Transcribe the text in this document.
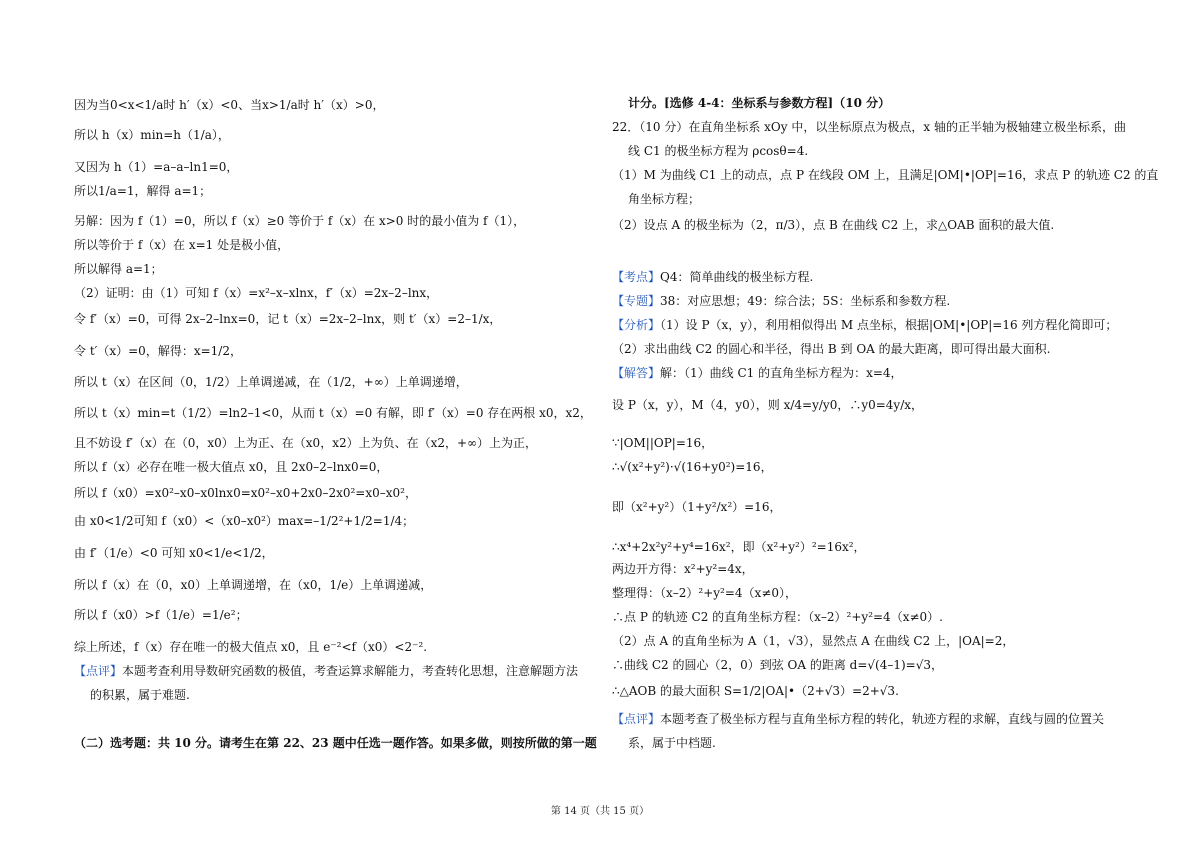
因为当0<x<1/a时 h′（x）<0、当x>1/a时 h′（x）>0，
所以 h（x）min=h（1/a），
又因为 h（1）=a–a–ln1=0，
所以1/a=1，解得 a=1；
另解：因为 f（1）=0，所以 f（x）≥0 等价于 f（x）在 x>0 时的最小值为 f（1），
所以等价于 f（x）在 x=1 处是极小值，
所以解得 a=1；
（2）证明：由（1）可知 f（x）=x²–x–xlnx，f′（x）=2x–2–lnx，
令 f′（x）=0，可得 2x–2–lnx=0，记 t（x）=2x–2–lnx，则 t′（x）=2–1/x，
令 t′（x）=0，解得：x=1/2，
所以 t（x）在区间（0，1/2）上单调递减，在（1/2，+∞）上单调递增，
所以 t（x）min=t（1/2）=ln2–1<0，从而 t（x）=0 有解，即 f′（x）=0 存在两根 x0，x2，
且不妨设 f′（x）在（0，x0）上为正、在（x0，x2）上为负、在（x2，+∞）上为正，
所以 f（x）必存在唯一极大值点 x0，且 2x0–2–lnx0=0，
所以 f（x0）=x0²–x0–x0lnx0=x0²–x0+2x0–2x0²=x0–x0²，
由 x0<1/2可知 f（x0）<（x0–x0²）max=–1/2²+1/2=1/4；
由 f′（1/e）<0 可知 x0<1/e<1/2，
所以 f（x）在（0，x0）上单调递增，在（x0，1/e）上单调递减，
所以 f（x0）>f（1/e）=1/e²；
综上所述，f（x）存在唯一的极大值点 x0，且 e⁻²<f（x0）<2⁻².
【点评】本题考查利用导数研究函数的极值，考查运算求解能力，考查转化思想，注意解题方法
的积累，属于难题.
（二）选考题：共 10 分。请考生在第 22、23 题中任选一题作答。如果多做，则按所做的第一题
计分。[选修 4-4：坐标系与参数方程]（10 分）
22．（10 分）在直角坐标系 xOy 中，以坐标原点为极点，x 轴的正半轴为极轴建立极坐标系，曲
线 C1 的极坐标方程为 ρcosθ=4.
（1）M 为曲线 C1 上的动点，点 P 在线段 OM 上，且满足|OM|•|OP|=16，求点 P 的轨迹 C2 的直
角坐标方程；
（2）设点 A 的极坐标为（2，π/3），点 B 在曲线 C2 上，求△OAB 面积的最大值.
【考点】Q4：简单曲线的极坐标方程.
【专题】38：对应思想；49：综合法；5S：坐标系和参数方程.
【分析】（1）设 P（x，y），利用相似得出 M 点坐标，根据|OM|•|OP|=16 列方程化简即可；
（2）求出曲线 C2 的圆心和半径，得出 B 到 OA 的最大距离，即可得出最大面积.
【解答】解：（1）曲线 C1 的直角坐标方程为：x=4，
设 P（x，y），M（4，y0），则 x/4=y/y0，∴y0=4y/x，
∵|OM||OP|=16，
∴√(x²+y²)·√(16+y0²)=16，
即（x²+y²）（1+y²/x²）=16，
∴x⁴+2x²y²+y⁴=16x²，即（x²+y²）²=16x²，
两边开方得：x²+y²=4x，
整理得：（x–2）²+y²=4（x≠0），
∴点 P 的轨迹 C2 的直角坐标方程：（x–2）²+y²=4（x≠0）.
（2）点 A 的直角坐标为 A（1，√3），显然点 A 在曲线 C2 上，|OA|=2，
∴曲线 C2 的圆心（2，0）到弦 OA 的距离 d=√(4–1)=√3，
∴△AOB 的最大面积 S=1/2|OA|•（2+√3）=2+√3.
【点评】本题考查了极坐标方程与直角坐标方程的转化，轨迹方程的求解，直线与圆的位置关
系，属于中档题.
第 14 页（共 15 页）
